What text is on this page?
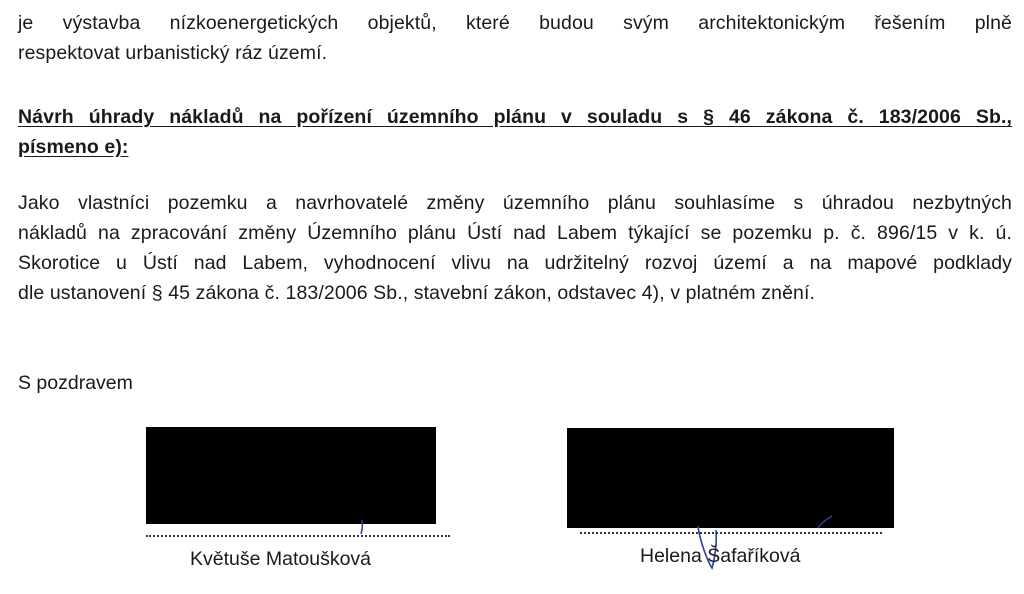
je výstavba nízkoenergetických objektů, které budou svým architektonickým řešením plně
respektovat urbanistický ráz území.
Návrh úhrady nákladů na pořízení územního plánu v souladu s § 46 zákona č. 183/2006 Sb.,
písmeno e):
Jako vlastníci pozemku a navrhovatelé změny územního plánu souhlasíme s úhradou nezbytných
nákladů na zpracování změny Územního plánu Ústí nad Labem týkající se pozemku p. č. 896/15 v k. ú.
Skorotice u Ústí nad Labem, vyhodnocení vlivu na udržitelný rozvoj území a na mapové podklady
dle ustanovení § 45 zákona č. 183/2006 Sb., stavební zákon, odstavec 4), v platném znění.
S pozdravem
Květuše Matoušková	Helena Šafaříková
